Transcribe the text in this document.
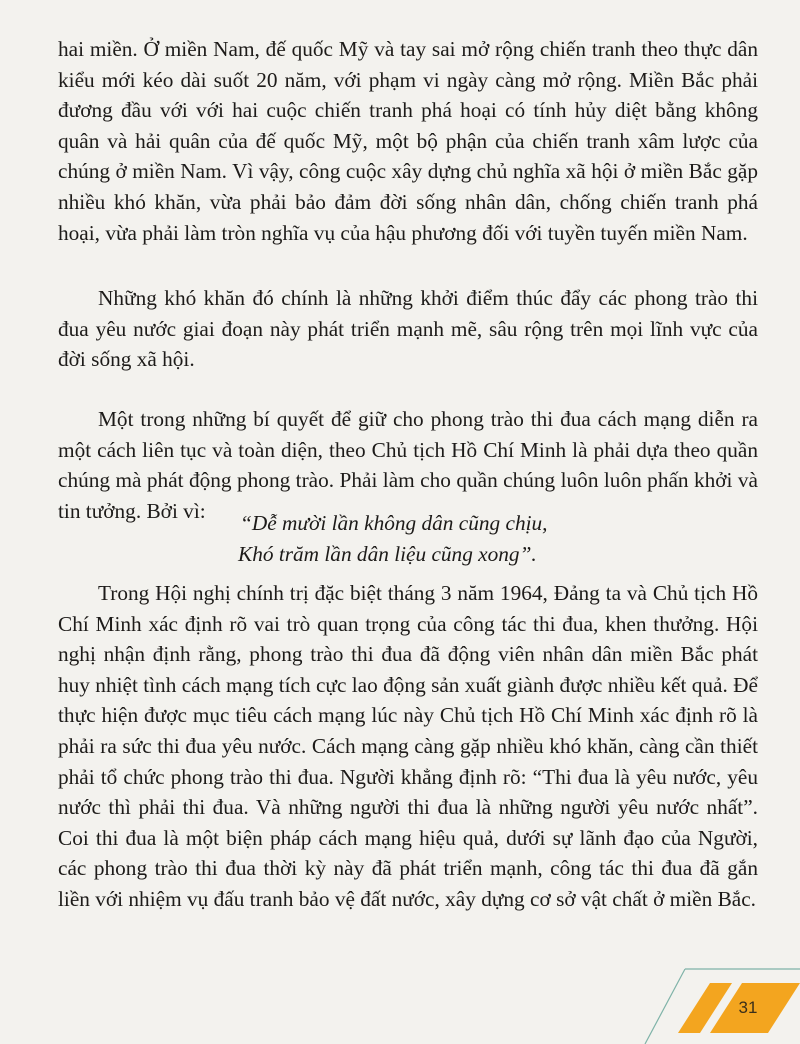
hai miền. Ở miền Nam, đế quốc Mỹ và tay sai mở rộng chiến tranh theo thực dân kiểu mới kéo dài suốt 20 năm, với phạm vi ngày càng mở rộng. Miền Bắc phải đương đầu với với hai cuộc chiến tranh phá hoại có tính hủy diệt bằng không quân và hải quân của đế quốc Mỹ, một bộ phận của chiến tranh xâm lược của chúng ở miền Nam. Vì vậy, công cuộc xây dựng chủ nghĩa xã hội ở miền Bắc gặp nhiều khó khăn, vừa phải bảo đảm đời sống nhân dân, chống chiến tranh phá hoại, vừa phải làm tròn nghĩa vụ của hậu phương đối với tuyền tuyến miền Nam.

Những khó khăn đó chính là những khởi điểm thúc đẩy các phong trào thi đua yêu nước giai đoạn này phát triển mạnh mẽ, sâu rộng trên mọi lĩnh vực của đời sống xã hội.

Một trong những bí quyết để giữ cho phong trào thi đua cách mạng diễn ra một cách liên tục và toàn diện, theo Chủ tịch Hồ Chí Minh là phải dựa theo quần chúng mà phát động phong trào. Phải làm cho quần chúng luôn luôn phấn khởi và tin tưởng. Bởi vì:

“Dễ mười lần không dân cũng chịu,
Khó trăm lần dân liệu cũng xong”.

Trong Hội nghị chính trị đặc biệt tháng 3 năm 1964, Đảng ta và Chủ tịch Hồ Chí Minh xác định rõ vai trò quan trọng của công tác thi đua, khen thưởng. Hội nghị nhận định rằng, phong trào thi đua đã động viên nhân dân miền Bắc phát huy nhiệt tình cách mạng tích cực lao động sản xuất giành được nhiều kết quả. Để thực hiện được mục tiêu cách mạng lúc này Chủ tịch Hồ Chí Minh xác định rõ là phải ra sức thi đua yêu nước. Cách mạng càng gặp nhiều khó khăn, càng cần thiết phải tổ chức phong trào thi đua. Người khẳng định rõ: “Thi đua là yêu nước, yêu nước thì phải thi đua. Và những người thi đua là những người yêu nước nhất”. Coi thi đua là một biện pháp cách mạng hiệu quả, dưới sự lãnh đạo của Người, các phong trào thi đua thời kỳ này đã phát triển mạnh, công tác thi đua đã gắn liền với nhiệm vụ đấu tranh bảo vệ đất nước, xây dựng cơ sở vật chất ở miền Bắc.

31
